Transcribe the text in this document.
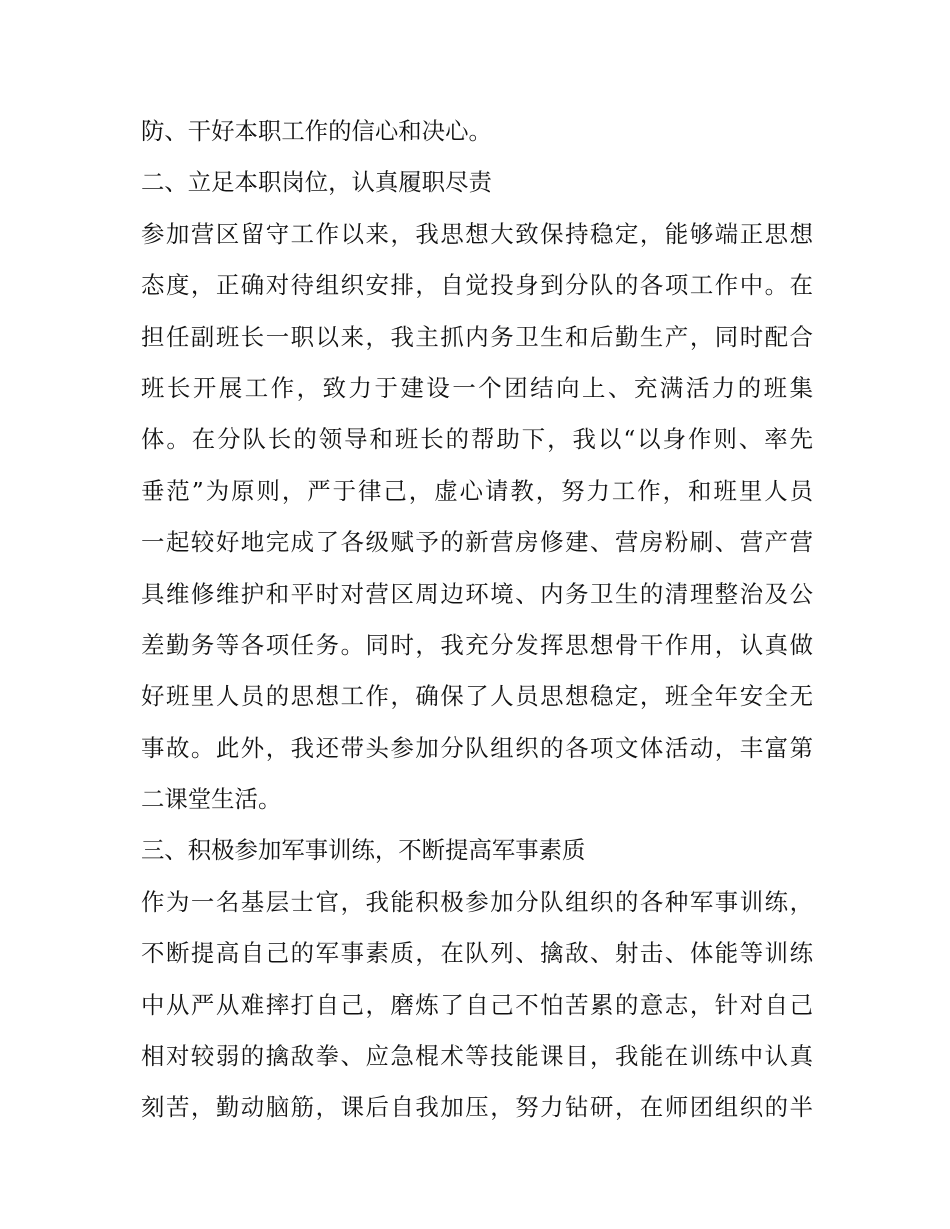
防、干好本职工作的信心和决心。
二、立足本职岗位，认真履职尽责
参加营区留守工作以来，我思想大致保持稳定，能够端正思想
态度，正确对待组织安排，自觉投身到分队的各项工作中。在
担任副班长一职以来，我主抓内务卫生和后勤生产，同时配合
班长开展工作，致力于建设一个团结向上、充满活力的班集
体。在分队长的领导和班长的帮助下，我以“以身作则、率先
垂范”为原则，严于律己，虚心请教，努力工作，和班里人员
一起较好地完成了各级赋予的新营房修建、营房粉刷、营产营
具维修维护和平时对营区周边环境、内务卫生的清理整治及公
差勤务等各项任务。同时，我充分发挥思想骨干作用，认真做
好班里人员的思想工作，确保了人员思想稳定，班全年安全无
事故。此外，我还带头参加分队组织的各项文体活动，丰富第
二课堂生活。
三、积极参加军事训练，不断提高军事素质
作为一名基层士官，我能积极参加分队组织的各种军事训练，
不断提高自己的军事素质，在队列、擒敌、射击、体能等训练
中从严从难摔打自己，磨炼了自己不怕苦累的意志，针对自己
相对较弱的擒敌拳、应急棍术等技能课目，我能在训练中认真
刻苦，勤动脑筋，课后自我加压，努力钻研，在师团组织的半
